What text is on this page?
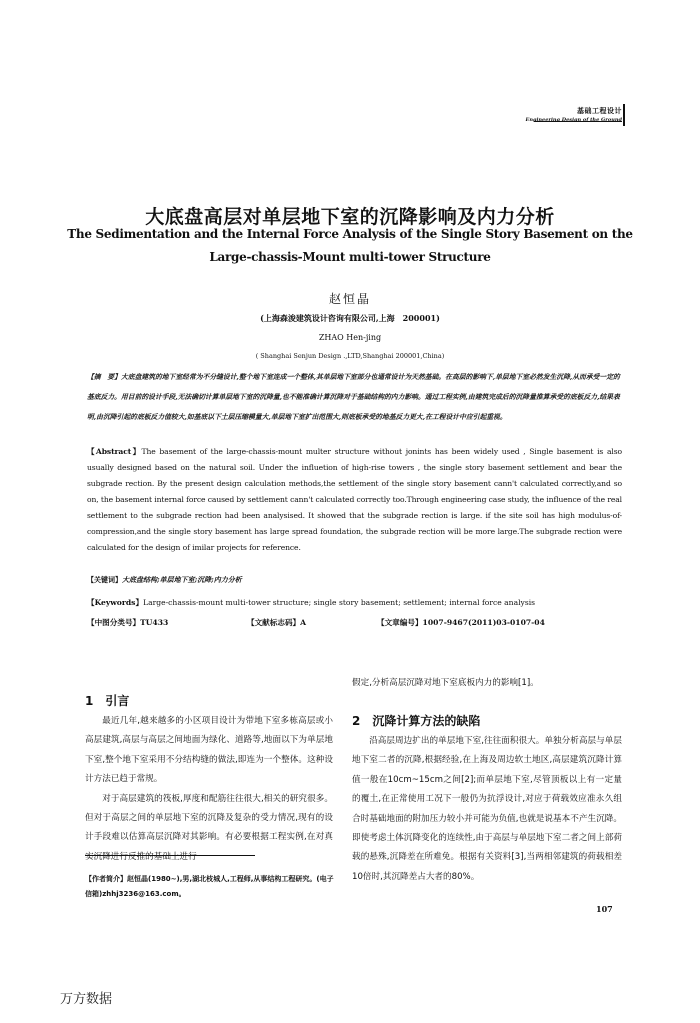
基础工程设计
Engineering Design of the Ground
大底盘高层对单层地下室的沉降影响及内力分析
The Sedimentation and the Internal Force Analysis of the Single Story Basement on the
Large-chassis-Mount multi-tower Structure
赵恒晶
(上海森浚建筑设计咨询有限公司,上海　200001)
ZHAO Hen-jing
( Shanghai Senjun Design .,LTD,Shanghai 200001,China)
【摘　要】大底盘建筑的地下室经常为不分缝设计,整个地下室连成一个整体,其单层地下室部分也通常设计为天然基础。在高层的影响下,单层地下室必然发生沉降,从而承受一定的基底反力。用目前的设计手段,无法确切计算单层地下室的沉降量,也不能准确计算沉降对于基础结构的内力影响。通过工程实例,由建筑完成后的沉降量推算承受的底板反力,结果表明,由沉降引起的底板反力值较大,如基底以下土层压缩模量大,单层地下室扩出范围大,则底板承受的地基反力更大,在工程设计中应引起重视。
【Abstract】The basement of the large-chassis-mount multer structure without jonints has been widely used , Single basement is also usually designed based on the natural soil. Under the influetion of high-rise towers , the single story basement settlement and bear the subgrade rection. By the present design calculation methods,the settlement of the single story basement cann't calculated correctly,and so on, the basement internal force caused by settlement cann't calculated correctly too.Through engineering case study, the influence of the real settlement to the subgrade rection had been analysised. It showed that the subgrade rection is large. if the site soil has high modulus-of-compression,and the single story basement has large spread foundation, the subgrade rection will be more large.The subgrade rection were calculated for the design of imilar projects for reference.
【关键词】大底盘结构;单层地下室;沉降;内力分析
【Keywords】Large-chassis-mount multi-tower structure; single story basement; settlement; internal force analysis
【中图分类号】TU433	【文献标志码】A	【文章编号】1007-9467(2011)03-0107-04
1　引言

最近几年,越来越多的小区项目设计为带地下室多栋高层或小高层建筑,高层与高层之间地面为绿化、道路等,地面以下为单层地下室,整个地下室采用不分结构缝的做法,即连为一个整体。这种设计方法已趋于常规。

对于高层建筑的筏板,厚度和配筋往往很大,相关的研究很多。但对于高层之间的单层地下室的沉降及复杂的受力情况,现有的设计手段难以估算高层沉降对其影响。有必要根据工程实例,在对真实沉降进行反推的基础上进行

【作者简介】赵恒晶(1980~),男,湖北枝城人,工程师,从事结构工程研究。(电子信箱)zhhj3236@163.com。

假定,分析高层沉降对地下室底板内力的影响[1]。

2　沉降计算方法的缺陷

沿高层周边扩出的单层地下室,往往面积很大。单独分析高层与单层地下室二者的沉降,根据经验,在上海及周边软土地区,高层建筑沉降计算值一般在10cm~15cm之间[2];而单层地下室,尽管顶板以上有一定量的覆土,在正常使用工况下一般仍为抗浮设计,对应于荷载效应准永久组合时基础地面的附加压力较小并可能为负值,也就是说基本不产生沉降。即使考虑土体沉降变化的连续性,由于高层与单层地下室二者之间上部荷载的悬殊,沉降差在所难免。根据有关资料[3],当两相邻建筑的荷载相差10倍时,其沉降差占大者的80%。

107
万方数据
